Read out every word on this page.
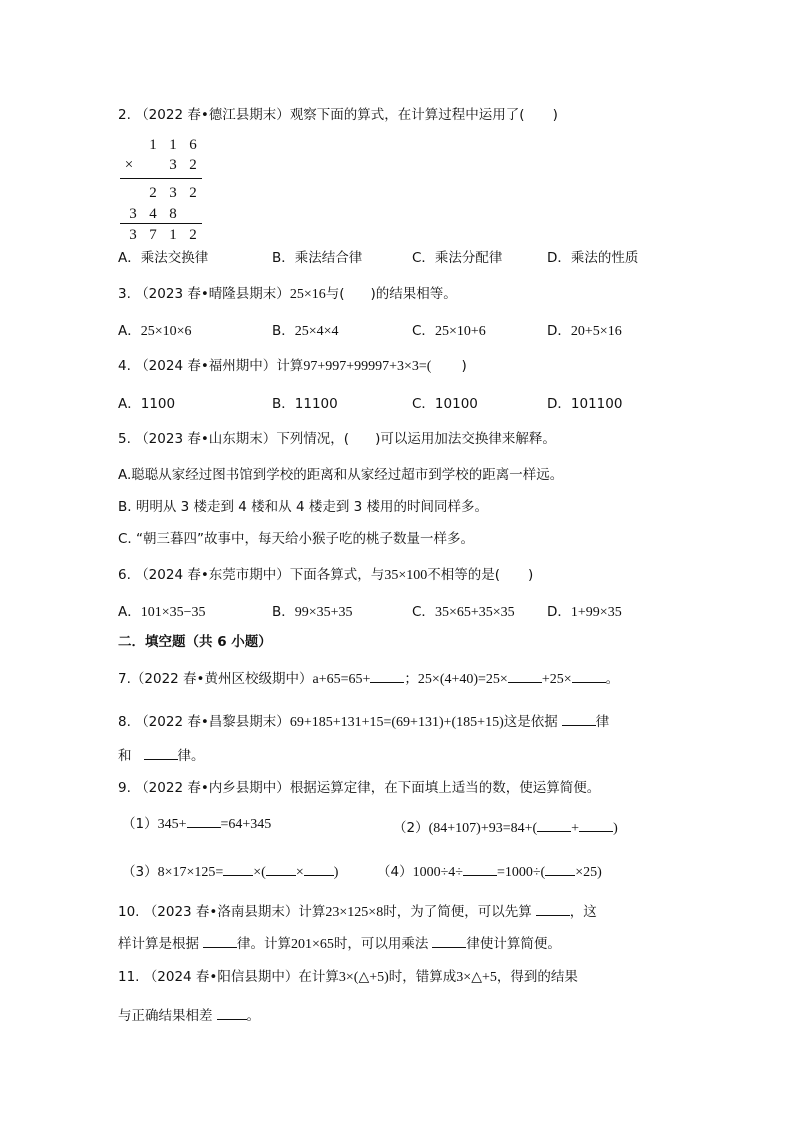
2. （2022 春•德江县期末）观察下面的算式，在计算过程中运用了( )
1 1 6
×	3 2
2 3 2
3 4 8
3 7 1 2
A．乘法交换律	B．乘法结合律	C．乘法分配律	D．乘法的性质
3. （2023 春•晴隆县期末）25×16与( )的结果相等。
A．25×10×6	B．25×4×4	C．25×10+6	D．20+5×16
4. （2024 春•福州期中）计算97+997+99997+3×3=( )
A．1100	B．11100	C．10100	D．101100
5. （2023 春•山东期末）下列情况，( )可以运用加法交换律来解释。
A.聪聪从家经过图书馆到学校的距离和从家经过超市到学校的距离一样远。
B. 明明从 3 楼走到 4 楼和从 4 楼走到 3 楼用的时间同样多。
C. “朝三暮四”故事中，每天给小猴子吃的桃子数量一样多。
6. （2024 春•东莞市期中）下面各算式，与35×100不相等的是( )
A．101×35−35	B．99×35+35	C．35×65+35×35 D．1+99×35
二．填空题（共 6 小题）
7.（2022 春•黄州区校级期中）a+65=65+	；25×(4+40)=25× +25×	。
8. （2022 春•昌黎县期末）69+185+131+15=(69+131)+(185+15)这是依据	律
和	律。
9. （2022 春•内乡县期中）根据运算定律，在下面填上适当的数，使运算简便。
（1）345+ =64+345	（2）(84+107)+93=84+( + )
（3）8×17×125= ×( × )	（4）1000÷4÷ =1000÷( ×25)
10. （2023 春•洛南县期末）计算23×125×8时，为了简便，可以先算	，这
样计算是根据	律。计算201×65时，可以用乘法	律使计算简便。
11. （2024 春•阳信县期中）在计算3×(△+5)时，错算成3×△+5，得到的结果
与正确结果相差	。
